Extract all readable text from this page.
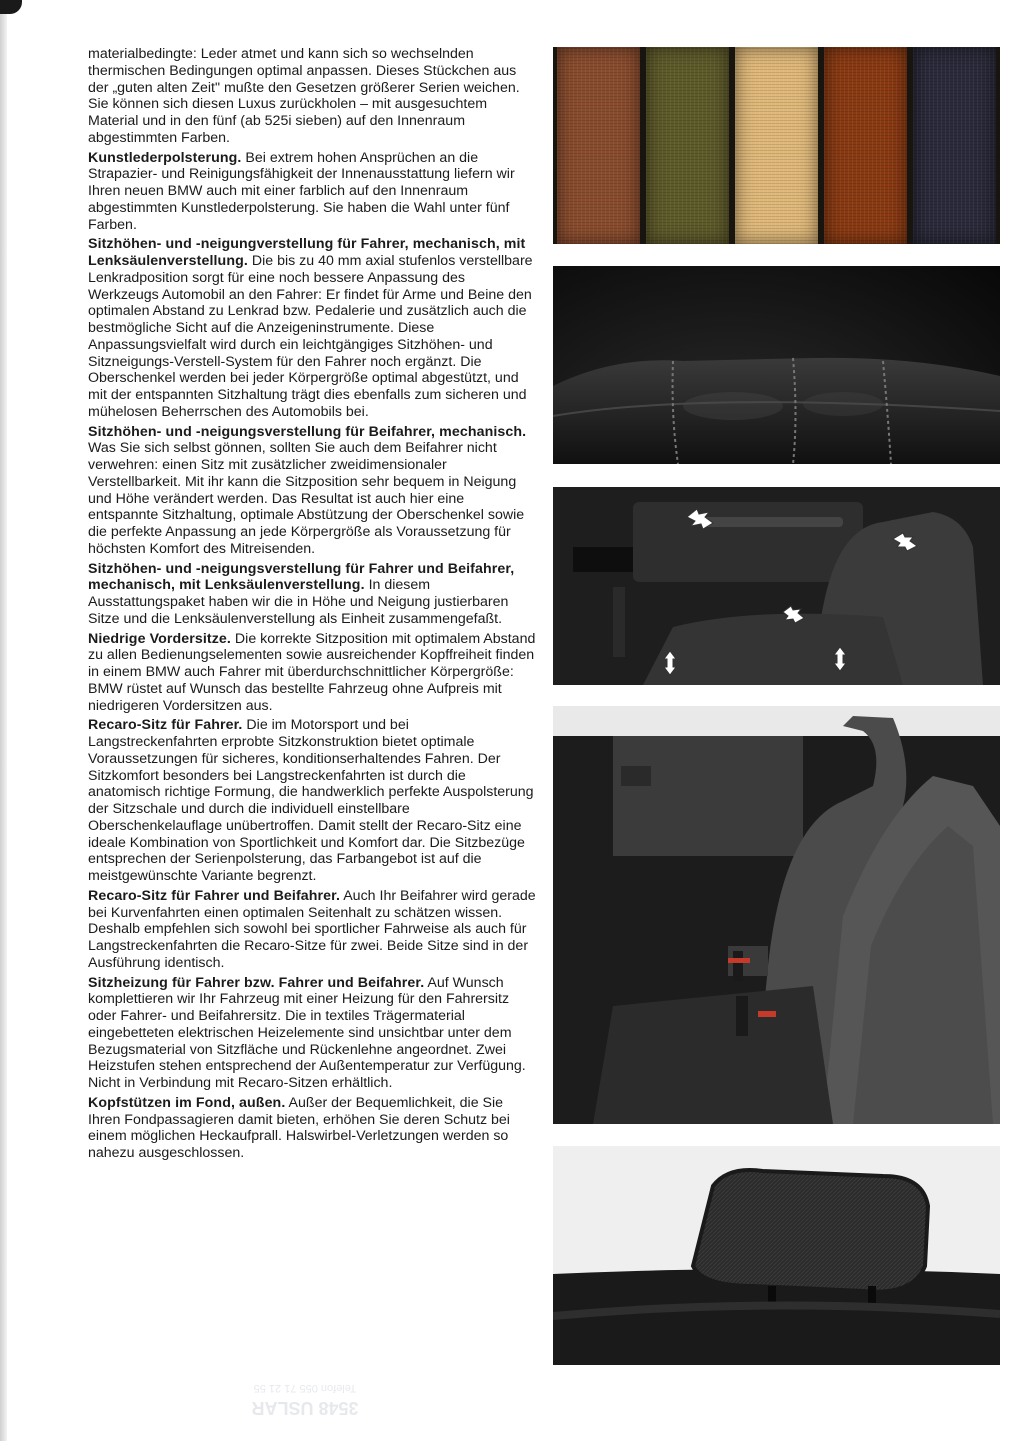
materialbedingte: Leder atmet und kann sich so wechselnden thermischen Bedingungen optimal anpassen. Dieses Stückchen aus der „guten alten Zeit" mußte den Gesetzen größerer Serien weichen. Sie können sich diesen Luxus zurückholen – mit ausgesuchtem Material und in den fünf (ab 525i sieben) auf den Innenraum abgestimmten Farben.

Kunstlederpolsterung. Bei extrem hohen Ansprüchen an die Strapazier- und Reinigungsfähigkeit der Innenausstattung liefern wir Ihren neuen BMW auch mit einer farblich auf den Innenraum abgestimmten Kunstlederpolsterung. Sie haben die Wahl unter fünf Farben.

Sitzhöhen- und -neigungverstellung für Fahrer, mechanisch, mit Lenksäulenverstellung. Die bis zu 40 mm axial stufenlos verstellbare Lenkradposition sorgt für eine noch bessere Anpassung des Werkzeugs Automobil an den Fahrer: Er findet für Arme und Beine den optimalen Abstand zu Lenkrad bzw. Pedalerie und zusätzlich auch die bestmögliche Sicht auf die Anzeigeninstrumente. Diese Anpassungsvielfalt wird durch ein leichtgängiges Sitzhöhen- und Sitzneigungs-Verstell-System für den Fahrer noch ergänzt. Die Oberschenkel werden bei jeder Körpergröße optimal abgestützt, und mit der entspannten Sitzhaltung trägt dies ebenfalls zum sicheren und mühelosen Beherrschen des Automobils bei.

Sitzhöhen- und -neigungsverstellung für Beifahrer, mechanisch. Was Sie sich selbst gönnen, sollten Sie auch dem Beifahrer nicht verwehren: einen Sitz mit zusätzlicher zweidimensionaler Verstellbarkeit. Mit ihr kann die Sitzposition sehr bequem in Neigung und Höhe verändert werden. Das Resultat ist auch hier eine entspannte Sitzhaltung, optimale Abstützung der Oberschenkel sowie die perfekte Anpassung an jede Körpergröße als Voraussetzung für höchsten Komfort des Mitreisenden.

Sitzhöhen- und -neigungsverstellung für Fahrer und Beifahrer, mechanisch, mit Lenksäulenverstellung. In diesem Ausstattungspaket haben wir die in Höhe und Neigung justierbaren Sitze und die Lenksäulenverstellung als Einheit zusammengefaßt.

Niedrige Vordersitze. Die korrekte Sitzposition mit optimalem Abstand zu allen Bedienungselementen sowie ausreichender Kopffreiheit finden in einem BMW auch Fahrer mit überdurchschnittlicher Körpergröße: BMW rüstet auf Wunsch das bestellte Fahrzeug ohne Aufpreis mit niedrigeren Vordersitzen aus.

Recaro-Sitz für Fahrer. Die im Motorsport und bei Langstreckenfahrten erprobte Sitzkonstruktion bietet optimale Voraussetzungen für sicheres, konditionserhaltendes Fahren. Der Sitzkomfort besonders bei Langstreckenfahrten ist durch die anatomisch richtige Formung, die handwerklich perfekte Auspolsterung der Sitzschale und durch die individuell einstellbare Oberschenkelauflage unübertroffen. Damit stellt der Recaro-Sitz eine ideale Kombination von Sportlichkeit und Komfort dar. Die Sitzbezüge entsprechen der Serienpolsterung, das Farbangebot ist auf die meistgewünschte Variante begrenzt.

Recaro-Sitz für Fahrer und Beifahrer. Auch Ihr Beifahrer wird gerade bei Kurvenfahrten einen optimalen Seitenhalt zu schätzen wissen. Deshalb empfehlen sich sowohl bei sportlicher Fahrweise als auch für Langstreckenfahrten die Recaro-Sitze für zwei. Beide Sitze sind in der Ausführung identisch.

Sitzheizung für Fahrer bzw. Fahrer und Beifahrer. Auf Wunsch komplettieren wir Ihr Fahrzeug mit einer Heizung für den Fahrersitz oder Fahrer- und Beifahrersitz. Die in textiles Trägermaterial eingebetteten elektrischen Heizelemente sind unsichtbar unter dem Bezugsmaterial von Sitzfläche und Rückenlehne angeordnet. Zwei Heizstufen stehen entsprechend der Außentemperatur zur Verfügung.

Nicht in Verbindung mit Recaro-Sitzen erhältlich.

Kopfstützen im Fond, außen. Außer der Bequemlichkeit, die Sie Ihren Fondpassagieren damit bieten, erhöhen Sie deren Schutz bei einem möglichen Heckaufprall. Halswirbel-Verletzungen werden so nahezu ausgeschlossen.

3548 USLAR
Telefon 055 71 21 55
